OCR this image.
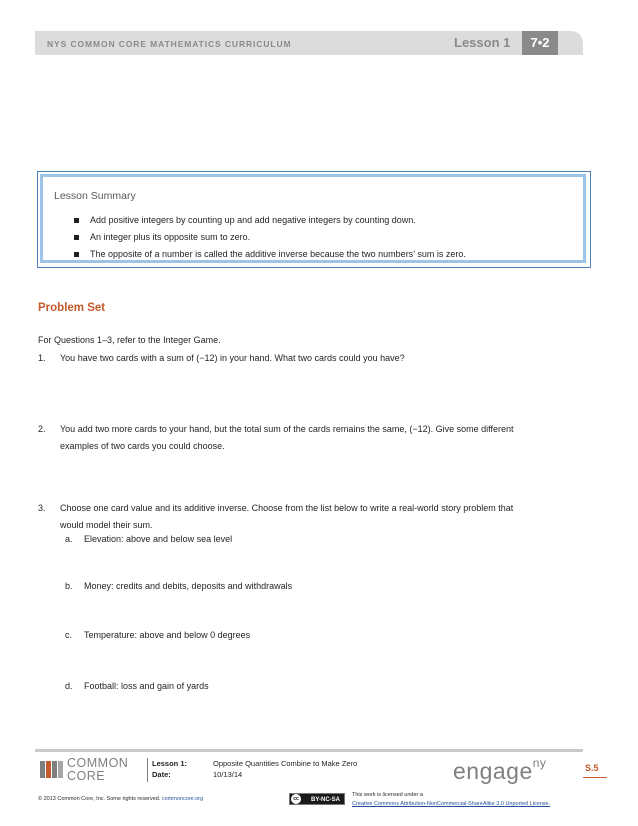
NYS COMMON CORE MATHEMATICS CURRICULUM	Lesson 1	7•2
Lesson Summary
Add positive integers by counting up and add negative integers by counting down.
An integer plus its opposite sum to zero.
The opposite of a number is called the additive inverse because the two numbers’ sum is zero.
Problem Set
For Questions 1–3, refer to the Integer Game.
1. You have two cards with a sum of (−12) in your hand. What two cards could you have?
2. You add two more cards to your hand, but the total sum of the cards remains the same, (−12). Give some different
examples of two cards you could choose.
3. Choose one card value and its additive inverse. Choose from the list below to write a real-world story problem that
would model their sum.
a. Elevation: above and below sea level
b. Money: credits and debits, deposits and withdrawals
c. Temperature: above and below 0 degrees
d. Football: loss and gain of yards
COMMON
CORE
Lesson 1:
Date:
Opposite Quantities Combine to Make Zero
10/13/14	engage$^{ny}$	S.5
© 2013 Common Core, Inc. Some rights reserved. commoncore.org	BY-NC-SA
cc
This work is licensed under a
Creative Commons Attribution-NonCommercial-ShareAlike 3.0 Unported License.
